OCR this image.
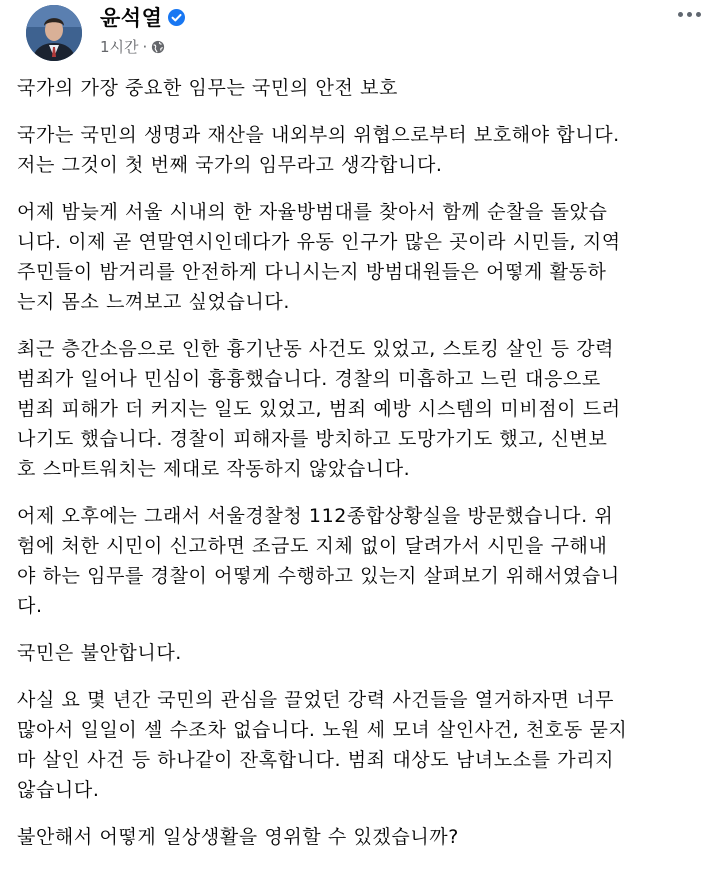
윤석열
1시간 ·

국가의 가장 중요한 임무는 국민의 안전 보호

국가는 국민의 생명과 재산을 내외부의 위협으로부터 보호해야 합니다.
저는 그것이 첫 번째 국가의 임무라고 생각합니다.

어제 밤늦게 서울 시내의 한 자율방범대를 찾아서 함께 순찰을 돌았습
니다. 이제 곧 연말연시인데다가 유동 인구가 많은 곳이라 시민들, 지역
주민들이 밤거리를 안전하게 다니시는지 방범대원들은 어떻게 활동하
는지 몸소 느껴보고 싶었습니다.

최근 층간소음으로 인한 흉기난동 사건도 있었고, 스토킹 살인 등 강력
범죄가 일어나 민심이 흉흉했습니다. 경찰의 미흡하고 느린 대응으로
범죄 피해가 더 커지는 일도 있었고, 범죄 예방 시스템의 미비점이 드러
나기도 했습니다. 경찰이 피해자를 방치하고 도망가기도 했고, 신변보
호 스마트워치는 제대로 작동하지 않았습니다.

어제 오후에는 그래서 서울경찰청 112종합상황실을 방문했습니다. 위
험에 처한 시민이 신고하면 조금도 지체 없이 달려가서 시민을 구해내
야 하는 임무를 경찰이 어떻게 수행하고 있는지 살펴보기 위해서였습니
다.

국민은 불안합니다.

사실 요 몇 년간 국민의 관심을 끌었던 강력 사건들을 열거하자면 너무
많아서 일일이 셀 수조차 없습니다. 노원 세 모녀 살인사건, 천호동 묻지
마 살인 사건 등 하나같이 잔혹합니다. 범죄 대상도 남녀노소를 가리지
않습니다.

불안해서 어떻게 일상생활을 영위할 수 있겠습니까?
